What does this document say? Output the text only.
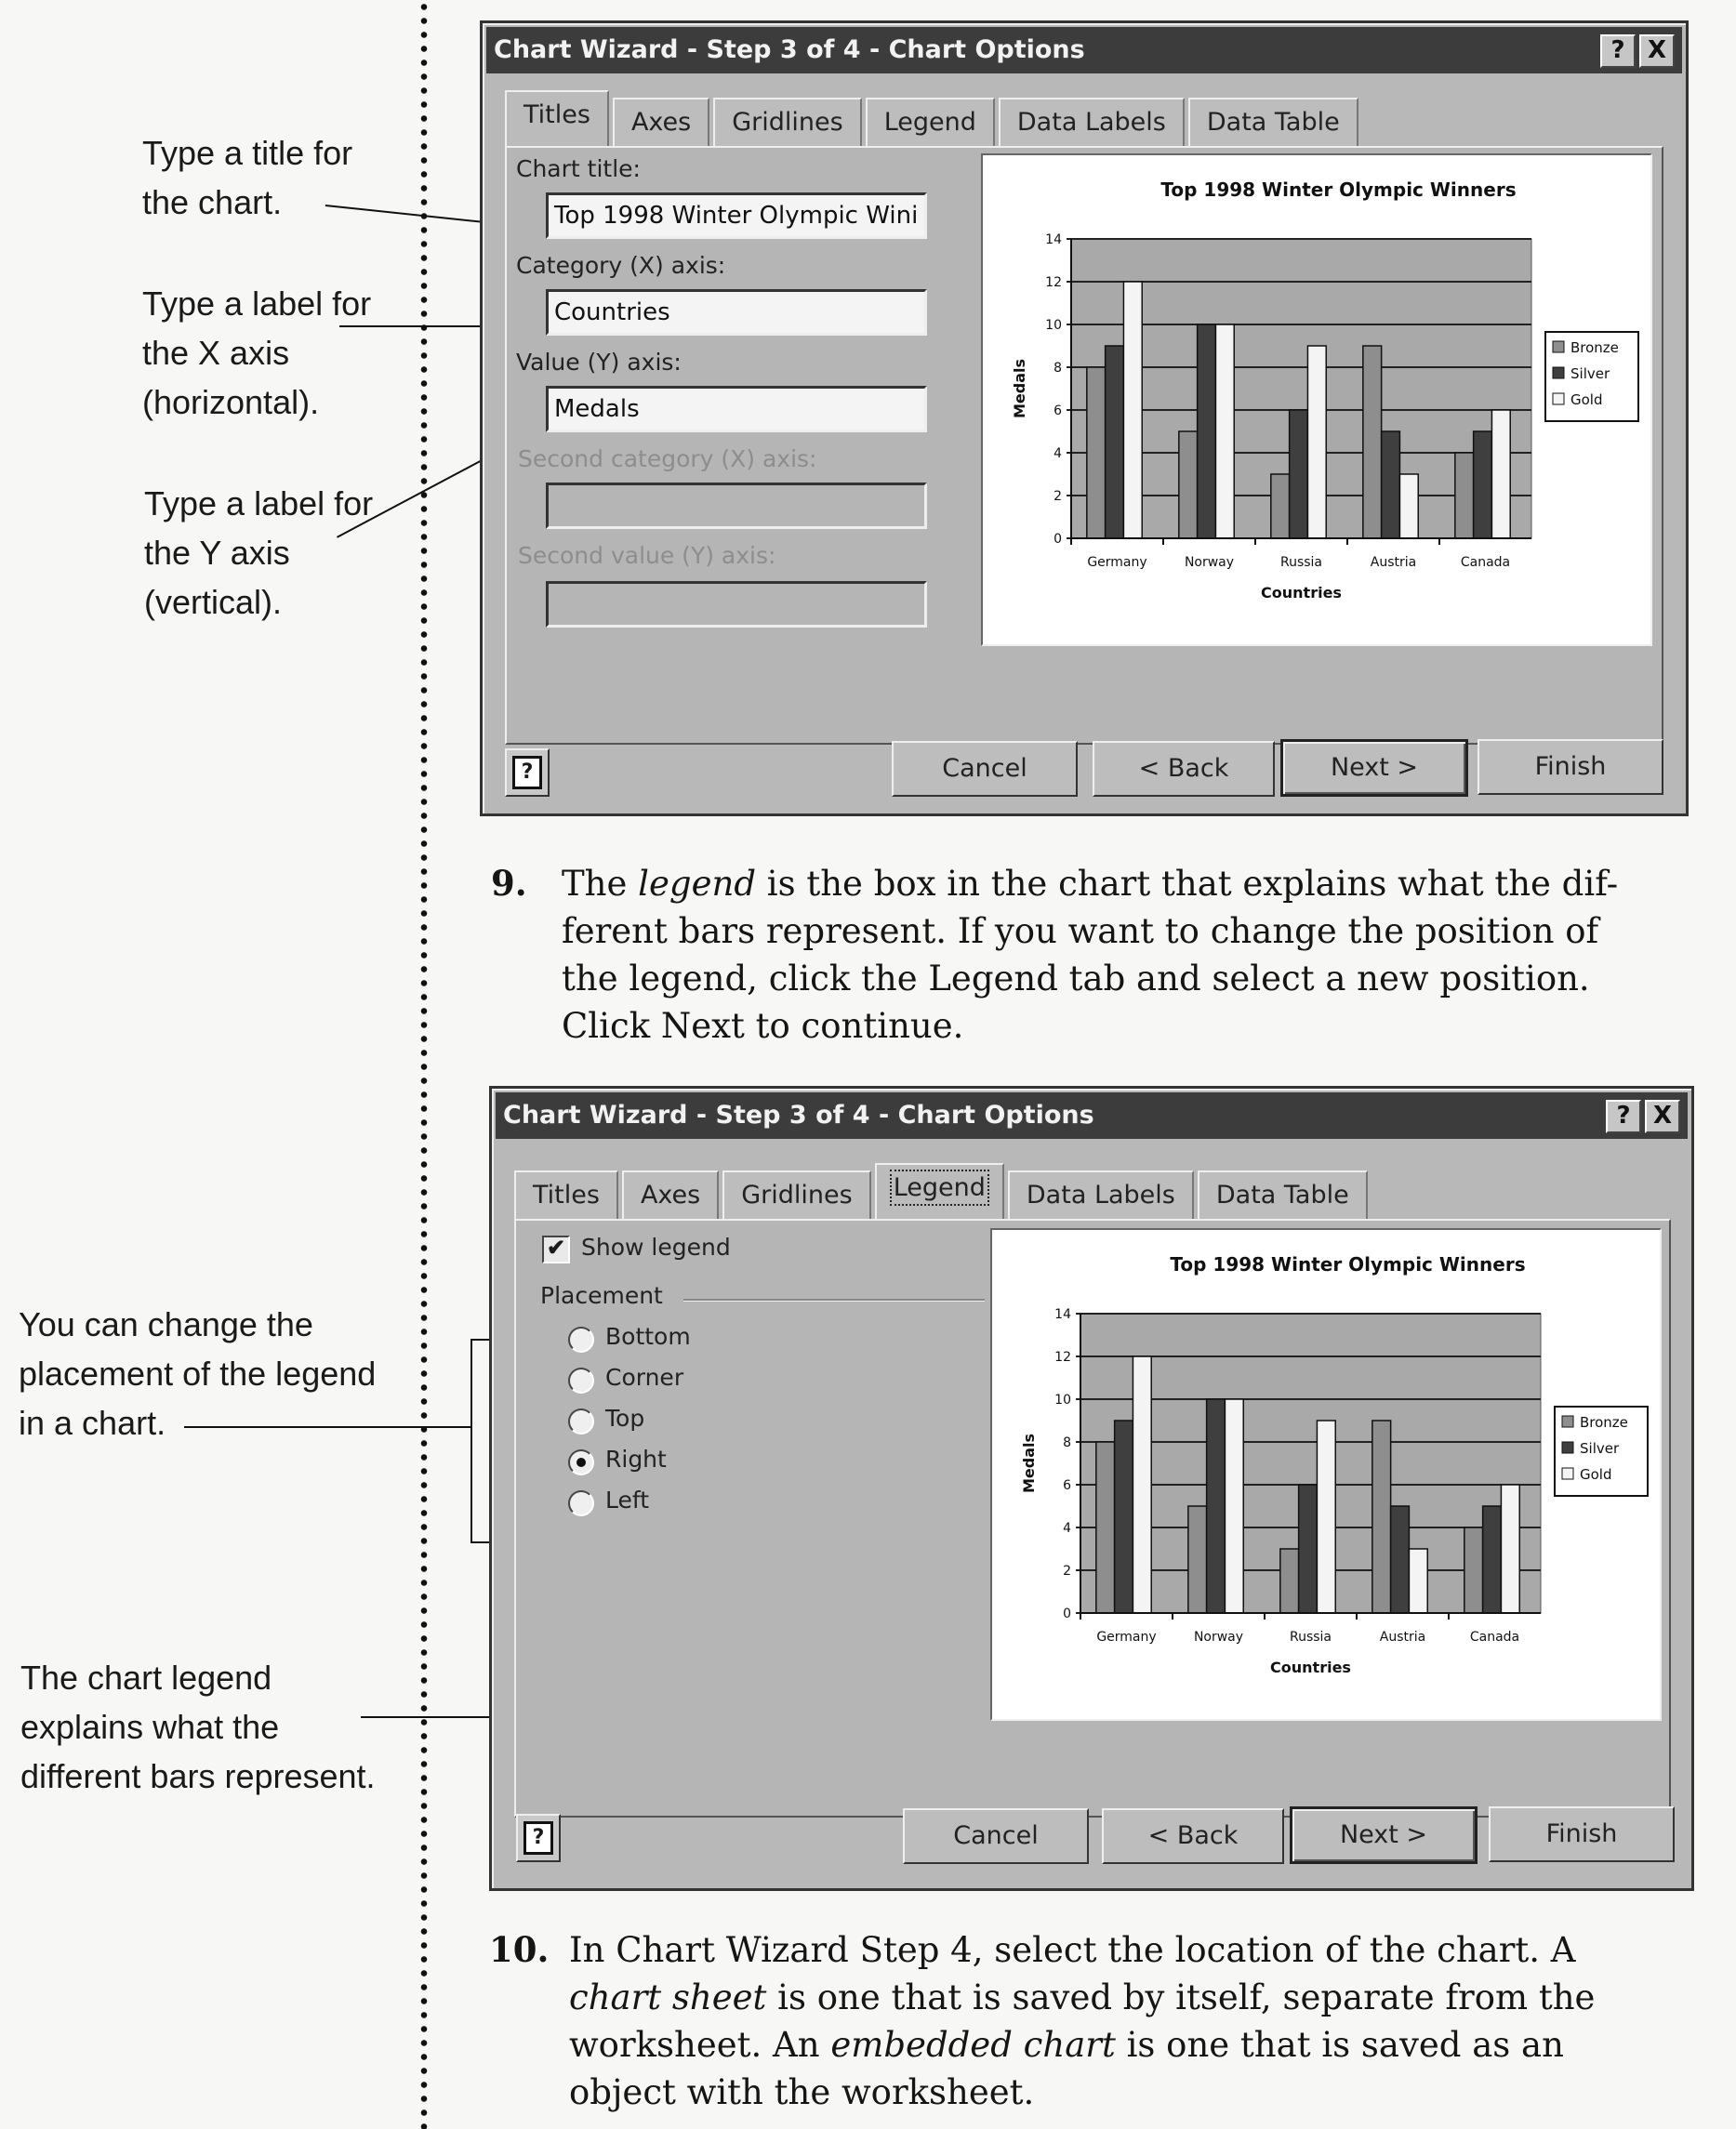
Type a title for
the chart.
Type a label for
the X axis
(horizontal).
Type a label for
the Y axis
(vertical).
Chart Wizard - Step 3 of 4 - Chart Options	? X
Titles	Axes	Gridlines	Legend	Data Labels	Data Table
Chart title:
Top 1998 Winter Olympic Wini
Category (X) axis:
Countries
Value (Y) axis:
Medals
Second category (X) axis:
Second value (Y) axis:
Top 1998 Winter Olympic Winners
0
2
4
6
8
10
12
14
Germany	Norway	Russia	Austria	Canada
Countries
Medals
Bronze
Silver
Gold
?	Cancel	< Back	Next >	Finish
9. The legend is the box in the chart that explains what the dif-
ferent bars represent. If you want to change the position of
the legend, click the Legend tab and select a new position.
Click Next to continue.
You can change the
placement of the legend
in a chart.
The chart legend
explains what the
different bars represent.
Chart Wizard - Step 3 of 4 - Chart Options	? X
Titles	Axes	Gridlines	Legend	Data Labels	Data Table
✔ Show legend
Placement
Bottom
Corner
Top
Right
Left
Top 1998 Winter Olympic Winners
0
2
4
6
8
10
12
14
Germany	Norway	Russia	Austria	Canada
Countries
Medals
Bronze
Silver
Gold
?	Cancel	< Back	Next >	Finish
10. In Chart Wizard Step 4, select the location of the chart. A
chart sheet is one that is saved by itself, separate from the
worksheet. An embedded chart is one that is saved as an
object with the worksheet.
